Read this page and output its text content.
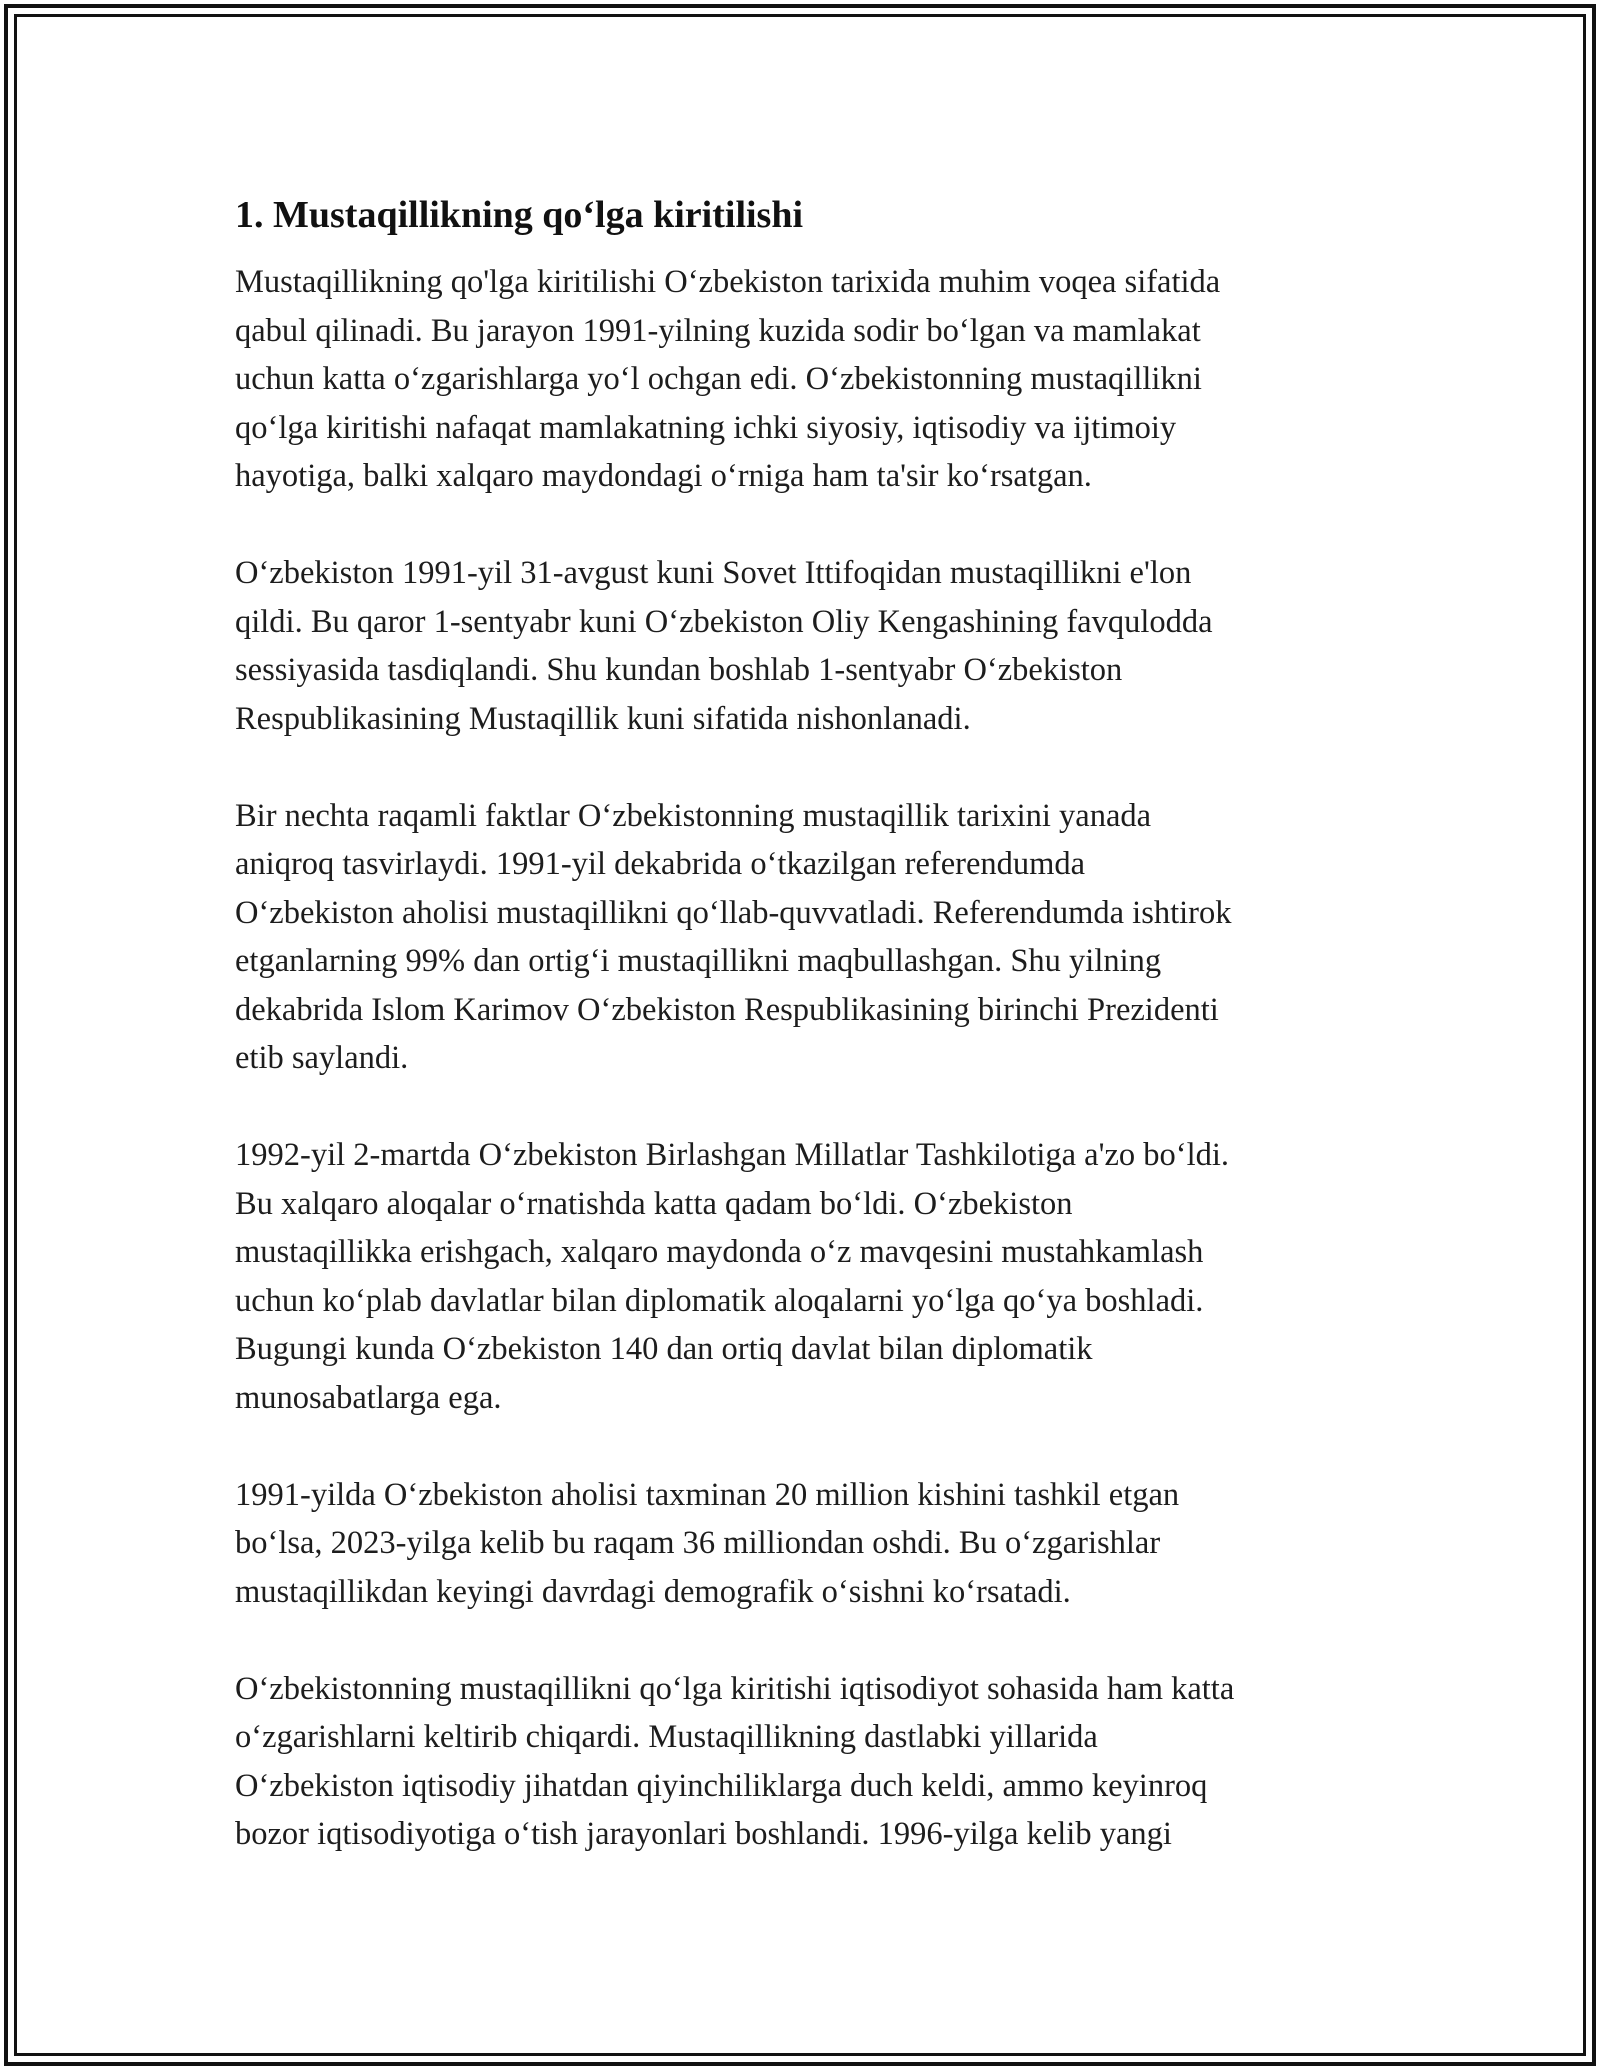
1. Mustaqillikning qo‘lga kiritilishi
Mustaqillikning qo'lga kiritilishi O‘zbekiston tarixida muhim voqea sifatida
qabul qilinadi. Bu jarayon 1991-yilning kuzida sodir bo‘lgan va mamlakat
uchun katta o‘zgarishlarga yo‘l ochgan edi. O‘zbekistonning mustaqillikni
qo‘lga kiritishi nafaqat mamlakatning ichki siyosiy, iqtisodiy va ijtimoiy
hayotiga, balki xalqaro maydondagi o‘rniga ham ta'sir ko‘rsatgan.
O‘zbekiston 1991-yil 31-avgust kuni Sovet Ittifoqidan mustaqillikni e'lon
qildi. Bu qaror 1-sentyabr kuni O‘zbekiston Oliy Kengashining favqulodda
sessiyasida tasdiqlandi. Shu kundan boshlab 1-sentyabr O‘zbekiston
Respublikasining Mustaqillik kuni sifatida nishonlanadi.
Bir nechta raqamli faktlar O‘zbekistonning mustaqillik tarixini yanada
aniqroq tasvirlaydi. 1991-yil dekabrida o‘tkazilgan referendumda
O‘zbekiston aholisi mustaqillikni qo‘llab-quvvatladi. Referendumda ishtirok
etganlarning 99% dan ortig‘i mustaqillikni maqbullashgan. Shu yilning
dekabrida Islom Karimov O‘zbekiston Respublikasining birinchi Prezidenti
etib saylandi.
1992-yil 2-martda O‘zbekiston Birlashgan Millatlar Tashkilotiga a'zo bo‘ldi.
Bu xalqaro aloqalar o‘rnatishda katta qadam bo‘ldi. O‘zbekiston
mustaqillikka erishgach, xalqaro maydonda o‘z mavqesini mustahkamlash
uchun ko‘plab davlatlar bilan diplomatik aloqalarni yo‘lga qo‘ya boshladi.
Bugungi kunda O‘zbekiston 140 dan ortiq davlat bilan diplomatik
munosabatlarga ega.
1991-yilda O‘zbekiston aholisi taxminan 20 million kishini tashkil etgan
bo‘lsa, 2023-yilga kelib bu raqam 36 milliondan oshdi. Bu o‘zgarishlar
mustaqillikdan keyingi davrdagi demografik o‘sishni ko‘rsatadi.
O‘zbekistonning mustaqillikni qo‘lga kiritishi iqtisodiyot sohasida ham katta
o‘zgarishlarni keltirib chiqardi. Mustaqillikning dastlabki yillarida
O‘zbekiston iqtisodiy jihatdan qiyinchiliklarga duch keldi, ammo keyinroq
bozor iqtisodiyotiga o‘tish jarayonlari boshlandi. 1996-yilga kelib yangi
